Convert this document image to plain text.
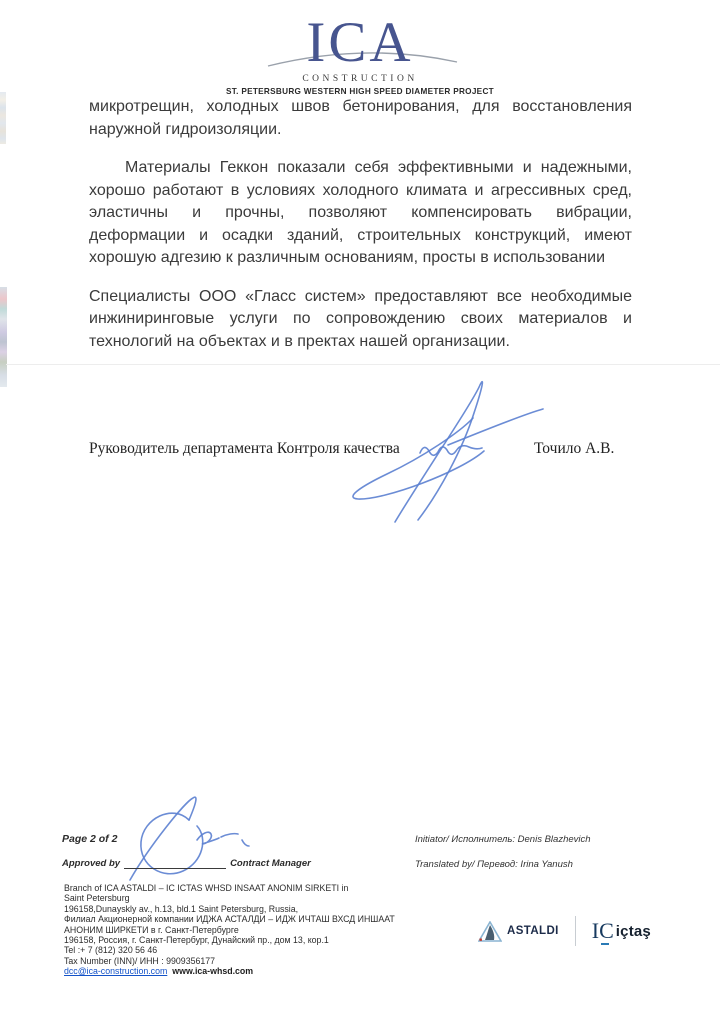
ICA
CONSTRUCTION
ST. PETERSBURG WESTERN HIGH SPEED DIAMETER PROJECT

микротрещин, холодных швов бетонирования, для восстановления наружной гидроизоляции.

Материалы Геккон показали себя эффективными и надежными, хорошо работают в условиях холодного климата и агрессивных сред, эластичны и прочны, позволяют компенсировать вибрации, деформации и осадки зданий, строительных конструкций, имеют хорошую адгезию к различным основаниям, просты в использовании

Специалисты ООО «Гласс систем» предоставляют все необходимые инжиниринговые услуги по сопровождению своих материалов и технологий на объектах и в пректах нашей организации.

Руководитель департамента Контроля качества	Точило А.В.
Page 2 of 2
Approved by	Contract Manager
Branch of ICA ASTALDI – IC ICTAS WHSD INSAAT ANONIM SIRKETI in
Saint Petersburg
196158,Dunayskly av., h.13, bld.1 Saint Petersburg, Russia,
Филиал Акционерной компании ИДЖА АСТАЛДИ – ИДЖ ИЧТАШ ВХСД ИНШААТ
АНОНИМ ШИРКЕТИ в г. Санкт-Петербурге
196158, Россия, г. Санкт-Петербург, Дунайский пр., дом 13, кор.1
Tel :+ 7 (812) 320 56 46
Tax Number (INN)/ ИНН : 9909356177
dcc@ica-construction.com www.ica-whsd.com
Initiator/ Исполнитель: Denis Blazhevich
Translated by/ Перевод: Irina Yanush
ASTALDI IC içtaş
